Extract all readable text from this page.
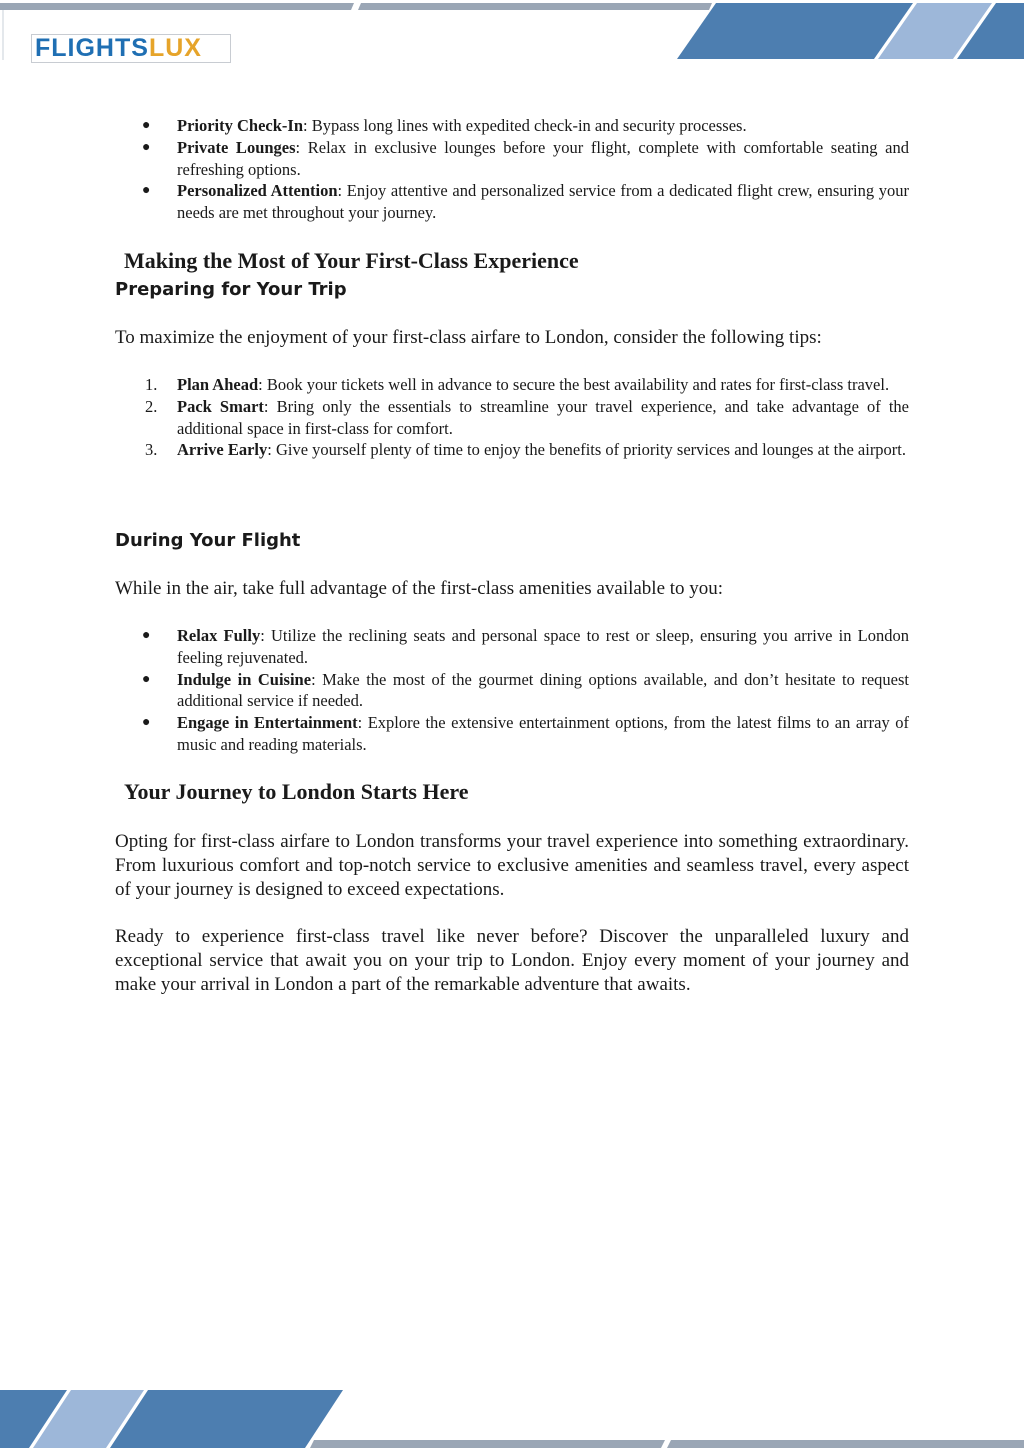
FLIGHTSLUX
● Priority Check-In: Bypass long lines with expedited check-in and security processes.
● Private Lounges: Relax in exclusive lounges before your flight, complete with comfortable seating and refreshing options.
● Personalized Attention: Enjoy attentive and personalized service from a dedicated flight crew, ensuring your needs are met throughout your journey.
Making the Most of Your First-Class Experience
Preparing for Your Trip

To maximize the enjoyment of your first-class airfare to London, consider the following tips:

1. Plan Ahead: Book your tickets well in advance to secure the best availability and rates for first-class travel.
2. Pack Smart: Bring only the essentials to streamline your travel experience, and take advantage of the additional space in first-class for comfort.
3. Arrive Early: Give yourself plenty of time to enjoy the benefits of priority services and lounges at the airport.
During Your Flight

While in the air, take full advantage of the first-class amenities available to you:

● Relax Fully: Utilize the reclining seats and personal space to rest or sleep, ensuring you arrive in London feeling rejuvenated.
● Indulge in Cuisine: Make the most of the gourmet dining options available, and don’t hesitate to request additional service if needed.
● Engage in Entertainment: Explore the extensive entertainment options, from the latest films to an array of music and reading materials.
Your Journey to London Starts Here

Opting for first-class airfare to London transforms your travel experience into something extraordinary. From luxurious comfort and top-notch service to exclusive amenities and seamless travel, every aspect of your journey is designed to exceed expectations.

Ready to experience first-class travel like never before? Discover the unparalleled luxury and exceptional service that await you on your trip to London. Enjoy every moment of your journey and make your arrival in London a part of the remarkable adventure that awaits.
